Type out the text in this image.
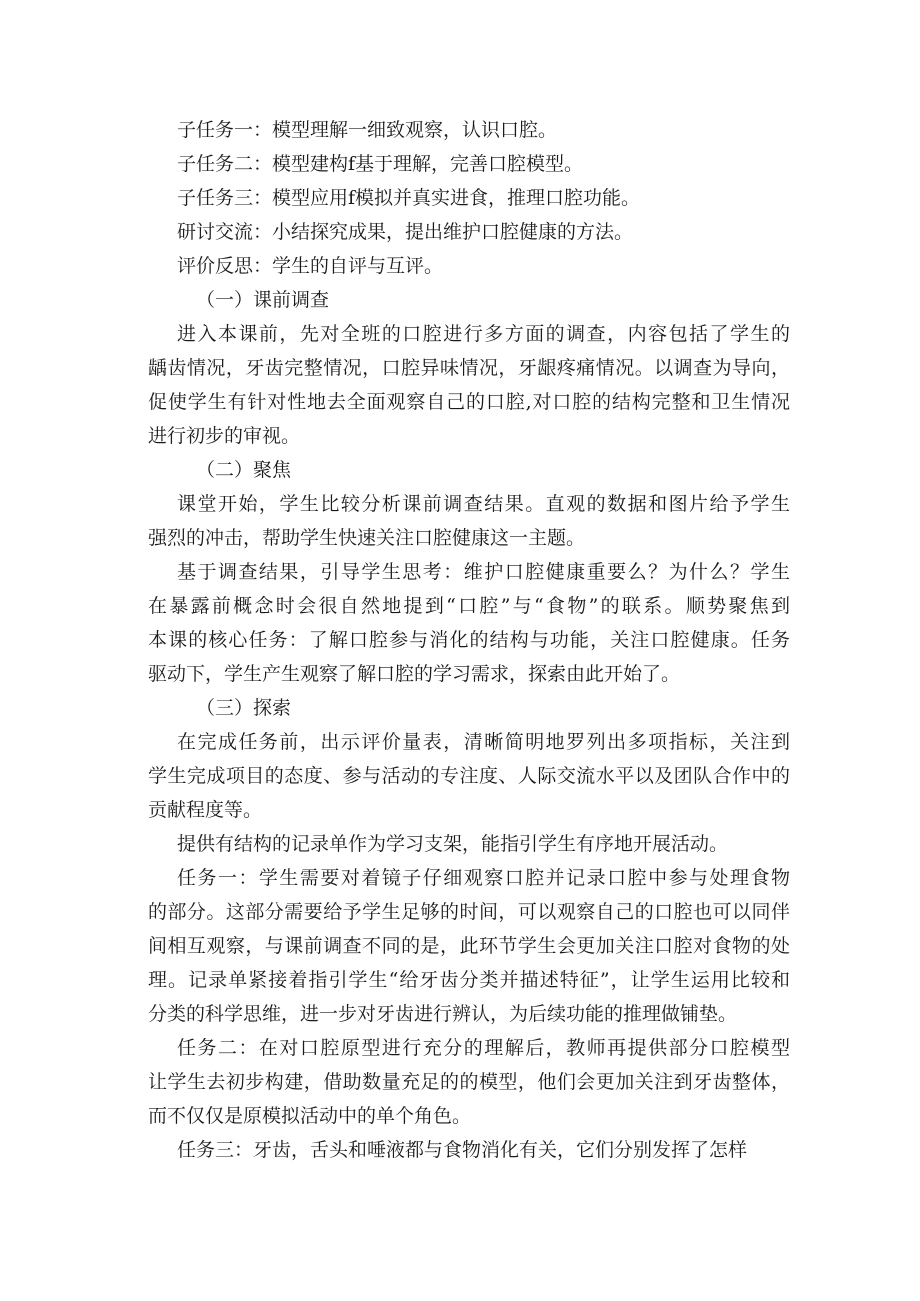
子任务一：模型理解一细致观察，认识口腔。
子任务二：模型建构f基于理解，完善口腔模型。
子任务三：模型应用f模拟并真实进食，推理口腔功能。
研讨交流：小结探究成果，提出维护口腔健康的方法。
评价反思：学生的自评与互评。
（一）课前调查
进入本课前，先对全班的口腔进行多方面的调查，内容包括了学生的
龋齿情况，牙齿完整情况，口腔异味情况，牙龈疼痛情况。以调查为导向，
促使学生有针对性地去全面观察自己的口腔,对口腔的结构完整和卫生情况
进行初步的审视。
（二）聚焦
课堂开始，学生比较分析课前调查结果。直观的数据和图片给予学生
强烈的冲击，帮助学生快速关注口腔健康这一主题。
基于调查结果，引导学生思考：维护口腔健康重要么？为什么？学生
在暴露前概念时会很自然地提到“口腔”与“食物”的联系。顺势聚焦到
本课的核心任务：了解口腔参与消化的结构与功能，关注口腔健康。任务
驱动下，学生产生观察了解口腔的学习需求，探索由此开始了。
（三）探索
在完成任务前，出示评价量表，清晰简明地罗列出多项指标，关注到
学生完成项目的态度、参与活动的专注度、人际交流水平以及团队合作中的
贡献程度等。
提供有结构的记录单作为学习支架，能指引学生有序地开展活动。
任务一：学生需要对着镜子仔细观察口腔并记录口腔中参与处理食物
的部分。这部分需要给予学生足够的时间，可以观察自己的口腔也可以同伴
间相互观察，与课前调查不同的是，此环节学生会更加关注口腔对食物的处
理。记录单紧接着指引学生“给牙齿分类并描述特征”，让学生运用比较和
分类的科学思维，进一步对牙齿进行辨认，为后续功能的推理做铺垫。
任务二：在对口腔原型进行充分的理解后，教师再提供部分口腔模型
让学生去初步构建，借助数量充足的的模型，他们会更加关注到牙齿整体，
而不仅仅是原模拟活动中的单个角色。
任务三：牙齿，舌头和唾液都与食物消化有关，它们分别发挥了怎样
